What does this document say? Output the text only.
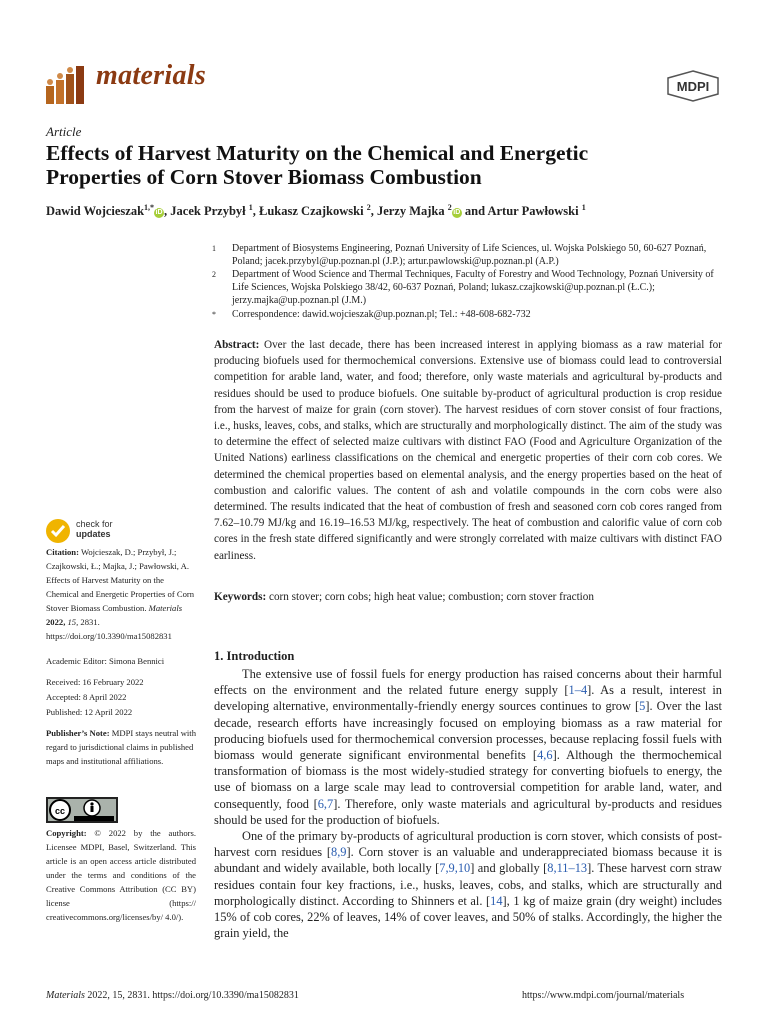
materials	MDPI
Article
Effects of Harvest Maturity on the Chemical and Energetic
Properties of Corn Stover Biomass Combustion
Dawid Wojcieszak$^{1,*}$iD , Jacek Przybył $^1$, Łukasz Czajkowski $^2$, Jerzy Majka $^2$iD and Artur Pawłowski $^1$
1 Department of Biosystems Engineering, Poznań University of Life Sciences, ul. Wojska Polskiego 50, 60-627 Poznań, Poland; jacek.przybyl@up.poznan.pl (J.P.); artur.pawlowski@up.poznan.pl (A.P.)
2 Department of Wood Science and Thermal Techniques, Faculty of Forestry and Wood Technology, Poznań University of Life Sciences, Wojska Polskiego 38/42, 60-637 Poznań, Poland; lukasz.czajkowski@up.poznan.pl (Ł.C.); jerzy.majka@up.poznan.pl (J.M.)
* Correspondence: dawid.wojcieszak@up.poznan.pl; Tel.: +48-608-682-732
Abstract: Over the last decade, there has been increased interest in applying biomass as a raw material for producing biofuels used for thermochemical conversions. Extensive use of biomass could lead to controversial competition for arable land, water, and food; therefore, only waste materials and agricultural by-products and residues should be used to produce biofuels. One suitable by-product of agricultural production is crop residue from the harvest of maize for grain (corn stover). The harvest residues of corn stover consist of four fractions, i.e., husks, leaves, cobs, and stalks, which are structurally and morphologically distinct. The aim of the study was to determine the effect of selected maize cultivars with distinct FAO (Food and Agriculture Organization of the United Nations) earliness classifications on the chemical and energetic properties of their corn cob cores. We determined the chemical properties based on elemental analysis, and the energy properties based on the heat of combustion and calorific values. The content of ash and volatile compounds in the corn cobs were also determined. The results indicated that the heat of combustion of fresh and seasoned corn cob cores ranged from 7.62–10.79 MJ/kg and 16.19–16.53 MJ/kg, respectively. The heat of combustion and calorific value of corn cob cores in the fresh state differed significantly and were strongly correlated with maize cultivars with distinct FAO earliness.
Keywords: corn stover; corn cobs; high heat value; combustion; corn stover fraction
check for
updates
Citation: Wojcieszak, D.; Przybył, J.; Czajkowski, Ł.; Majka, J.; Pawłowski, A. Effects of Harvest Maturity on the Chemical and Energetic Properties of Corn Stover Biomass Combustion. Materials 2022, 15, 2831. https://doi.org/10.3390/ma15082831
Academic Editor: Simona Bennici
Received: 16 February 2022
Accepted: 8 April 2022
Published: 12 April 2022
Publisher’s Note: MDPI stays neutral with regard to jurisdictional claims in published maps and institutional affiliations.
cc
Copyright: © 2022 by the authors. Licensee MDPI, Basel, Switzerland. This article is an open access article distributed under the terms and conditions of the Creative Commons Attribution (CC BY) license (https:// creativecommons.org/licenses/by/ 4.0/).
1. Introduction

The extensive use of fossil fuels for energy production has raised concerns about their harmful effects on the environment and the related future energy supply [1–4]. As a result, interest in developing alternative, environmentally-friendly energy sources continues to grow [5]. Over the last decade, research efforts have increasingly focused on employing biomass as a raw material for producing biofuels used for thermochemical conversion processes, because replacing fossil fuels with biomass would generate significant environmental benefits [4,6]. Although the thermochemical transformation of biomass is the most widely-studied strategy for converting biofuels to energy, the use of biomass on a large scale may lead to controversial competition for arable land, water, and consequently, food [6,7]. Therefore, only waste materials and agricultural by-products and residues should be used for the production of biofuels.

One of the primary by-products of agricultural production is corn stover, which consists of post-harvest corn residues [8,9]. Corn stover is an valuable and underappreciated biomass because it is abundant and widely available, both locally [7,9,10] and globally [8,11–13]. These harvest corn straw residues contain four key fractions, i.e., husks, leaves, cobs, and stalks, which are structurally and morphologically distinct. According to Shinners et al. [14], 1 kg of maize grain (dry weight) includes 15% of cob cores, 22% of leaves, 14% of cover leaves, and 50% of stalks. Accordingly, the higher the grain yield, the

Materials 2022, 15, 2831. https://doi.org/10.3390/ma15082831	https://www.mdpi.com/journal/materials
